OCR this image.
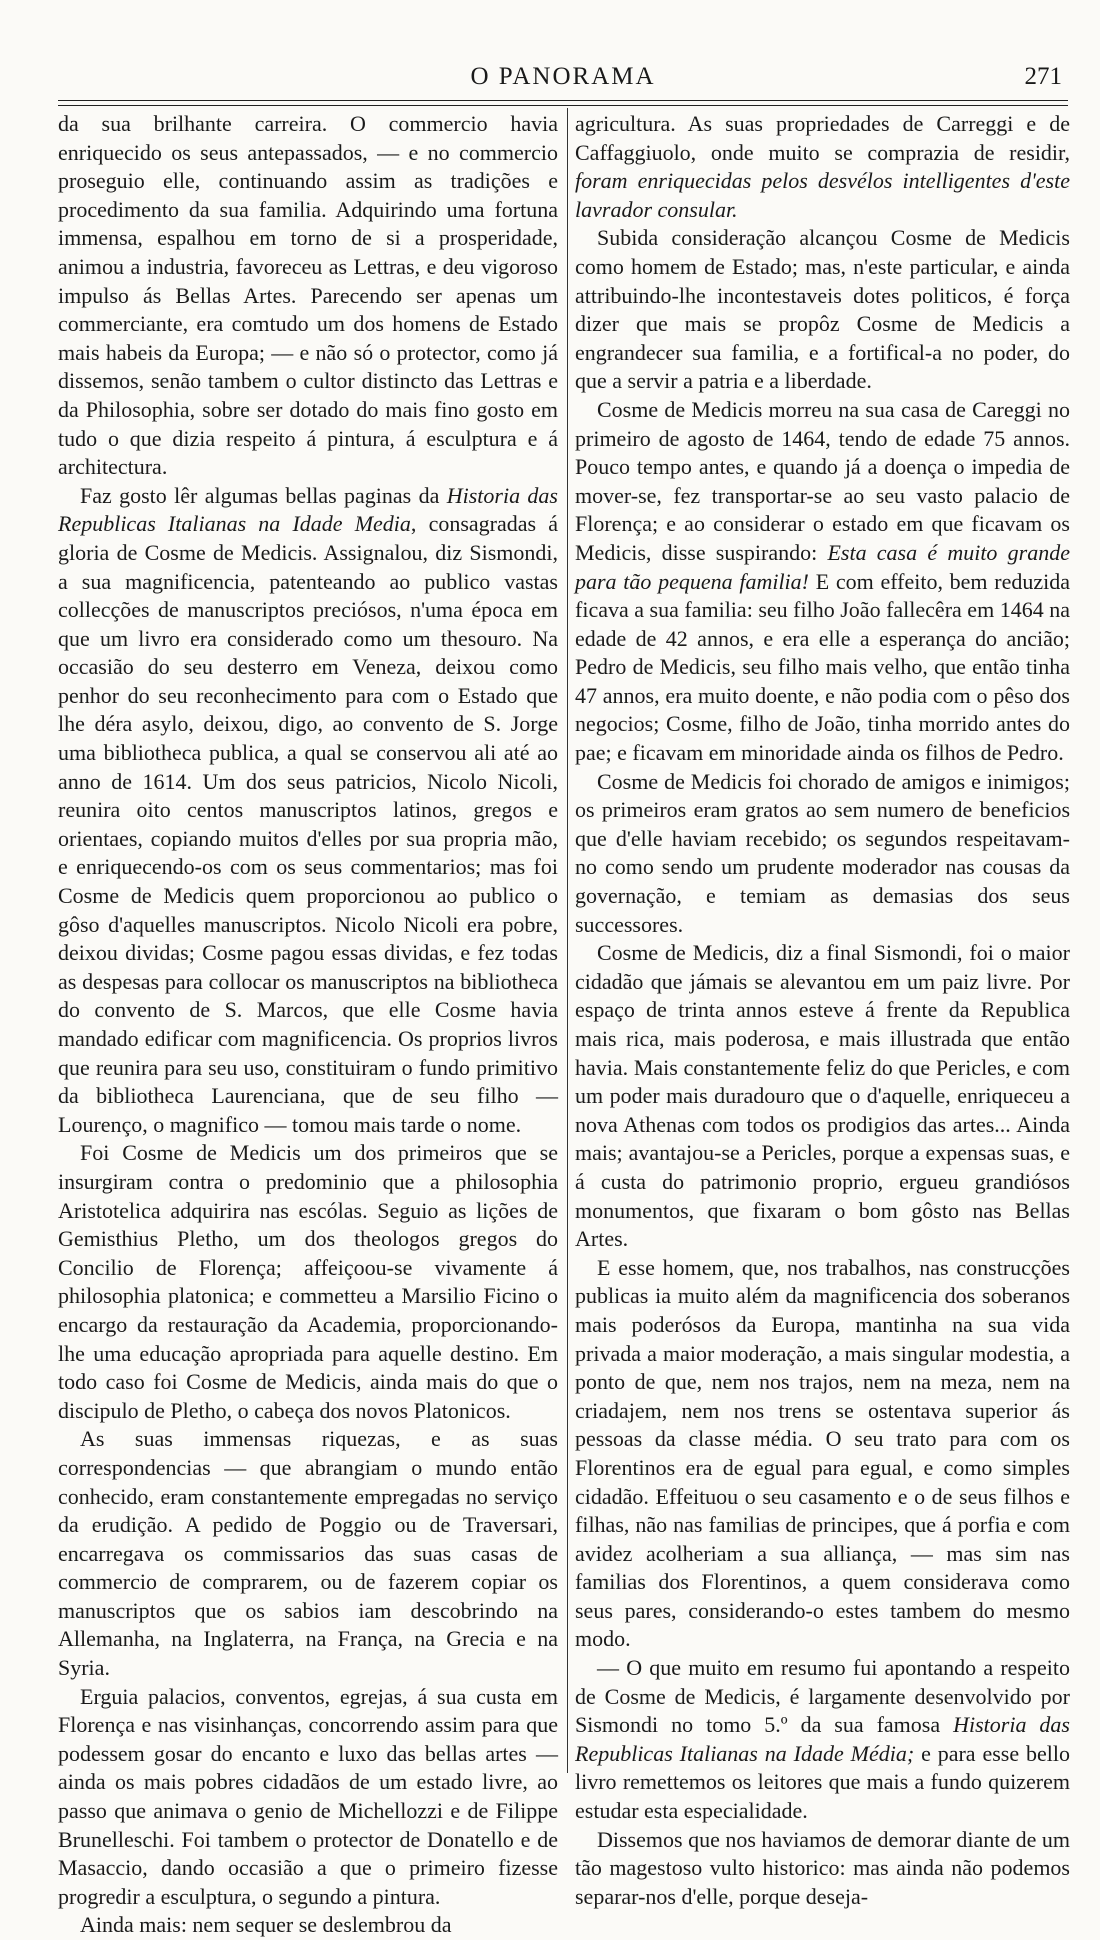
O PANORAMA	271

da sua brilhante carreira. O commercio havia enriquecido os seus antepassados, — e no commercio proseguio elle, continuando assim as tradições e procedimento da sua familia. Adquirindo uma fortuna immensa, espalhou em torno de si a prosperidade, animou a industria, favoreceu as Lettras, e deu vigoroso impulso ás Bellas Artes. Parecendo ser apenas um commerciante, era comtudo um dos homens de Estado mais habeis da Europa; — e não só o protector, como já dissemos, senão tambem o cultor distincto das Lettras e da Philosophia, sobre ser dotado do mais fino gosto em tudo o que dizia respeito á pintura, á esculptura e á architectura.

Faz gosto lêr algumas bellas paginas da Historia das Republicas Italianas na Idade Media, consagradas á gloria de Cosme de Medicis. Assignalou, diz Sismondi, a sua magnificencia, patenteando ao publico vastas collecções de manuscriptos preciósos, n'uma época em que um livro era considerado como um thesouro. Na occasião do seu desterro em Veneza, deixou como penhor do seu reconhecimento para com o Estado que lhe déra asylo, deixou, digo, ao convento de S. Jorge uma bibliotheca publica, a qual se conservou ali até ao anno de 1614. Um dos seus patricios, Nicolo Nicoli, reunira oito centos manuscriptos latinos, gregos e orientaes, copiando muitos d'elles por sua propria mão, e enriquecendo-os com os seus commentarios; mas foi Cosme de Medicis quem proporcionou ao publico o gôso d'aquelles manuscriptos. Nicolo Nicoli era pobre, deixou dividas; Cosme pagou essas dividas, e fez todas as despesas para collocar os manuscriptos na bibliotheca do convento de S. Marcos, que elle Cosme havia mandado edificar com magnificencia. Os proprios livros que reunira para seu uso, constituiram o fundo primitivo da bibliotheca Laurenciana, que de seu filho — Lourenço, o magnifico — tomou mais tarde o nome.

Foi Cosme de Medicis um dos primeiros que se insurgiram contra o predominio que a philosophia Aristotelica adquirira nas escólas. Seguio as lições de Gemisthius Pletho, um dos theologos gregos do Concilio de Florença; affeiçoou-se vivamente á philosophia platonica; e commetteu a Marsilio Ficino o encargo da restauração da Academia, proporcionando-lhe uma educação apropriada para aquelle destino. Em todo caso foi Cosme de Medicis, ainda mais do que o discipulo de Pletho, o cabeça dos novos Platonicos.

As suas immensas riquezas, e as suas correspondencias — que abrangiam o mundo então conhecido, eram constantemente empregadas no serviço da erudição. A pedido de Poggio ou de Traversari, encarregava os commissarios das suas casas de commercio de comprarem, ou de fazerem copiar os manuscriptos que os sabios iam descobrindo na Allemanha, na Inglaterra, na França, na Grecia e na Syria.

Erguia palacios, conventos, egrejas, á sua custa em Florença e nas visinhanças, concorrendo assim para que podessem gosar do encanto e luxo das bellas artes — ainda os mais pobres cidadãos de um estado livre, ao passo que animava o genio de Michellozzi e de Filippe Brunelleschi. Foi tambem o protector de Donatello e de Masaccio, dando occasião a que o primeiro fizesse progredir a esculptura, o segundo a pintura.

Ainda mais: nem sequer se deslembrou da

agricultura. As suas propriedades de Carreggi e de Caffaggiuolo, onde muito se comprazia de residir, foram enriquecidas pelos desvélos intelligentes d'este lavrador consular.

Subida consideração alcançou Cosme de Medicis como homem de Estado; mas, n'este particular, e ainda attribuindo-lhe incontestaveis dotes politicos, é força dizer que mais se propôz Cosme de Medicis a engrandecer sua familia, e a fortifical-a no poder, do que a servir a patria e a liberdade.

Cosme de Medicis morreu na sua casa de Careggi no primeiro de agosto de 1464, tendo de edade 75 annos. Pouco tempo antes, e quando já a doença o impedia de mover-se, fez transportar-se ao seu vasto palacio de Florença; e ao considerar o estado em que ficavam os Medicis, disse suspirando: Esta casa é muito grande para tão pequena familia! E com effeito, bem reduzida ficava a sua familia: seu filho João fallecêra em 1464 na edade de 42 annos, e era elle a esperança do ancião; Pedro de Medicis, seu filho mais velho, que então tinha 47 annos, era muito doente, e não podia com o pêso dos negocios; Cosme, filho de João, tinha morrido antes do pae; e ficavam em minoridade ainda os filhos de Pedro.

Cosme de Medicis foi chorado de amigos e inimigos; os primeiros eram gratos ao sem numero de beneficios que d'elle haviam recebido; os segundos respeitavam-no como sendo um prudente moderador nas cousas da governação, e temiam as demasias dos seus successores.

Cosme de Medicis, diz a final Sismondi, foi o maior cidadão que jámais se alevantou em um paiz livre. Por espaço de trinta annos esteve á frente da Republica mais rica, mais poderosa, e mais illustrada que então havia. Mais constantemente feliz do que Pericles, e com um poder mais duradouro que o d'aquelle, enriqueceu a nova Athenas com todos os prodigios das artes... Ainda mais; avantajou-se a Pericles, porque a expensas suas, e á custa do patrimonio proprio, ergueu grandiósos monumentos, que fixaram o bom gôsto nas Bellas Artes.

E esse homem, que, nos trabalhos, nas construcções publicas ia muito além da magnificencia dos soberanos mais poderósos da Europa, mantinha na sua vida privada a maior moderação, a mais singular modestia, a ponto de que, nem nos trajos, nem na meza, nem na criadajem, nem nos trens se ostentava superior ás pessoas da classe média. O seu trato para com os Florentinos era de egual para egual, e como simples cidadão. Effeituou o seu casamento e o de seus filhos e filhas, não nas familias de principes, que á porfia e com avidez acolheriam a sua alliança, — mas sim nas familias dos Florentinos, a quem considerava como seus pares, considerando-o estes tambem do mesmo modo.

— O que muito em resumo fui apontando a respeito de Cosme de Medicis, é largamente desenvolvido por Sismondi no tomo 5.º da sua famosa Historia das Republicas Italianas na Idade Média; e para esse bello livro remettemos os leitores que mais a fundo quizerem estudar esta especialidade.

Dissemos que nos haviamos de demorar diante de um tão magestoso vulto historico: mas ainda não podemos separar-nos d'elle, porque deseja-
